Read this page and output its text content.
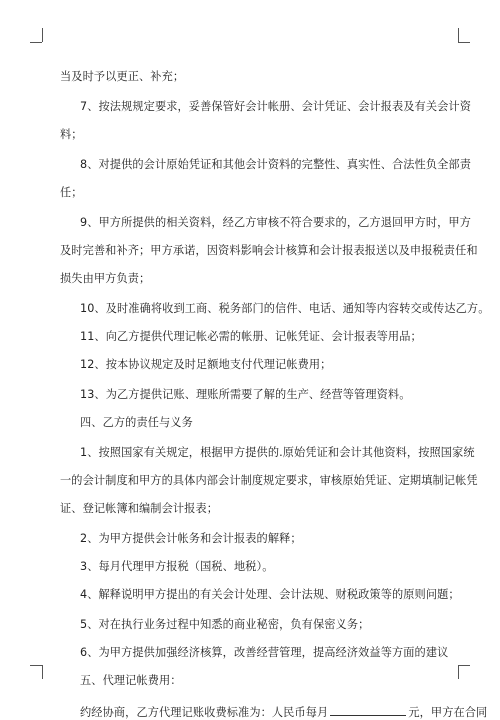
当及时予以更正、补充；
7、按法规规定要求，妥善保管好会计帐册、会计凭证、会计报表及有关会计资
料；
8、对提供的会计原始凭证和其他会计资料的完整性、真实性、合法性负全部责
任；
9、甲方所提供的相关资料，经乙方审核不符合要求的，乙方退回甲方时，甲方
及时完善和补齐；甲方承诺，因资料影响会计核算和会计报表报送以及申报税责任和
损失由甲方负责；
10、及时准确将收到工商、税务部门的信件、电话、通知等内容转交或传达乙方。
11、向乙方提供代理记帐必需的帐册、记帐凭证、会计报表等用品；
12、按本协议规定及时足额地支付代理记帐费用；
13、为乙方提供记账、理账所需要了解的生产、经营等管理资料。
四、乙方的责任与义务
1、按照国家有关规定，根据甲方提供的.原始凭证和会计其他资料，按照国家统
一的会计制度和甲方的具体内部会计制度规定要求，审核原始凭证、定期填制记帐凭
证、登记帐簿和编制会计报表；
2、为甲方提供会计帐务和会计报表的解释；
3、每月代理甲方报税（国税、地税）。
4、解释说明甲方提出的有关会计处理、会计法规、财税政策等的原则问题；
5、对在执行业务过程中知悉的商业秘密，负有保密义务；
6、为甲方提供加强经济核算，改善经营管理，提高经济效益等方面的建议
五、代理记帐费用：
约经协商，乙方代理记账收费标准为：人民币每月	元，甲方在合同
